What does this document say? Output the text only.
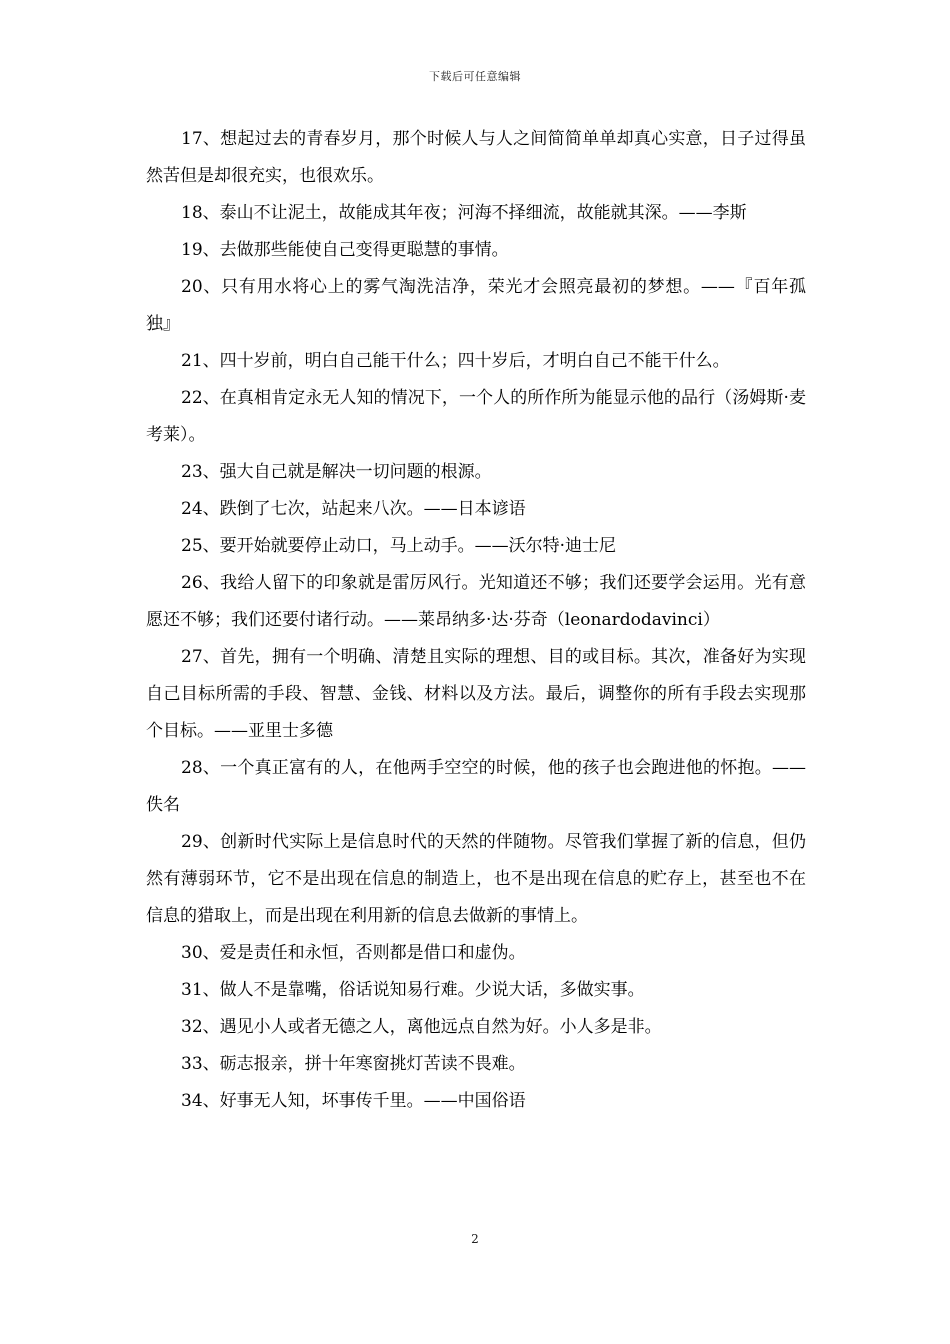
下载后可任意编辑

17、想起过去的青春岁月，那个时候人与人之间简简单单却真心实意，日子过得虽然苦但是却很充实，也很欢乐。

18、泰山不让泥土，故能成其年夜；河海不择细流，故能就其深。——李斯

19、去做那些能使自己变得更聪慧的事情。

20、只有用水将心上的雾气淘洗洁净，荣光才会照亮最初的梦想。——『百年孤独』

21、四十岁前，明白自己能干什么；四十岁后，才明白自己不能干什么。

22、在真相肯定永无人知的情况下，一个人的所作所为能显示他的品行（汤姆斯·麦考莱）。

23、强大自己就是解决一切问题的根源。

24、跌倒了七次，站起来八次。——日本谚语

25、要开始就要停止动口，马上动手。——沃尔特·迪士尼

26、我给人留下的印象就是雷厉风行。光知道还不够；我们还要学会运用。光有意愿还不够；我们还要付诸行动。——莱昂纳多·达·芬奇（leonardodavinci）

27、首先，拥有一个明确、清楚且实际的理想、目的或目标。其次，准备好为实现自己目标所需的手段、智慧、金钱、材料以及方法。最后，调整你的所有手段去实现那个目标。——亚里士多德

28、一个真正富有的人，在他两手空空的时候，他的孩子也会跑进他的怀抱。——佚名

29、创新时代实际上是信息时代的天然的伴随物。尽管我们掌握了新的信息，但仍然有薄弱环节，它不是出现在信息的制造上，也不是出现在信息的贮存上，甚至也不在信息的猎取上，而是出现在利用新的信息去做新的事情上。

30、爱是责任和永恒，否则都是借口和虚伪。

31、做人不是靠嘴，俗话说知易行难。少说大话，多做实事。

32、遇见小人或者无德之人，离他远点自然为好。小人多是非。

33、砺志报亲，拼十年寒窗挑灯苦读不畏难。

34、好事无人知，坏事传千里。——中国俗语

2
